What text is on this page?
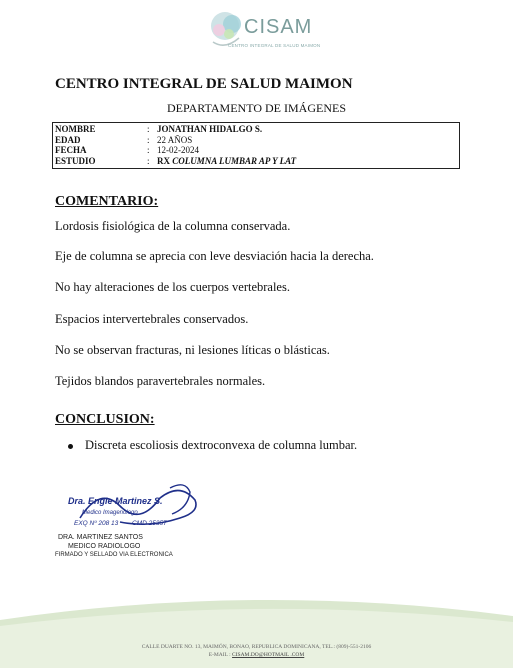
CISAM
CENTRO INTEGRAL DE SALUD MAIMON
CENTRO INTEGRAL DE SALUD MAIMON
DEPARTAMENTO DE IMÁGENES
NOMBRE	: JONATHAN HIDALGO S.
EDAD	: 22 AÑOS
FECHA	: 12-02-2024
ESTUDIO	: RX
COLUMNA LUMBAR AP Y LAT
COMENTARIO:
Lordosis fisiológica de la columna conservada.
Eje de columna se aprecia con leve desviación hacia la derecha.
No hay alteraciones de los cuerpos vertebrales.
Espacios intervertebrales conservados.
No se observan fracturas, ni lesiones líticas o blásticas.
Tejidos blandos paravertebrales normales.
CONCLUSION:
Discreta escoliosis dextroconvexa de columna lumbar.
Dra. Engie Martinez S.
Medico Imagenólogo
EXQ Nº 208 13 CMD 25357
DRA. MARTINEZ SANTOS
MEDICO RADIOLOGO
FIRMADO Y SELLADO VIA ELECTRONICA
CALLE DUARTE NO. 13, MAIMÓN, BONAO, REPUBLICA DOMINICANA, TEL.: (809)-551-2106
E-MAIL : CISAM.DO@HOTMAIL .COM
